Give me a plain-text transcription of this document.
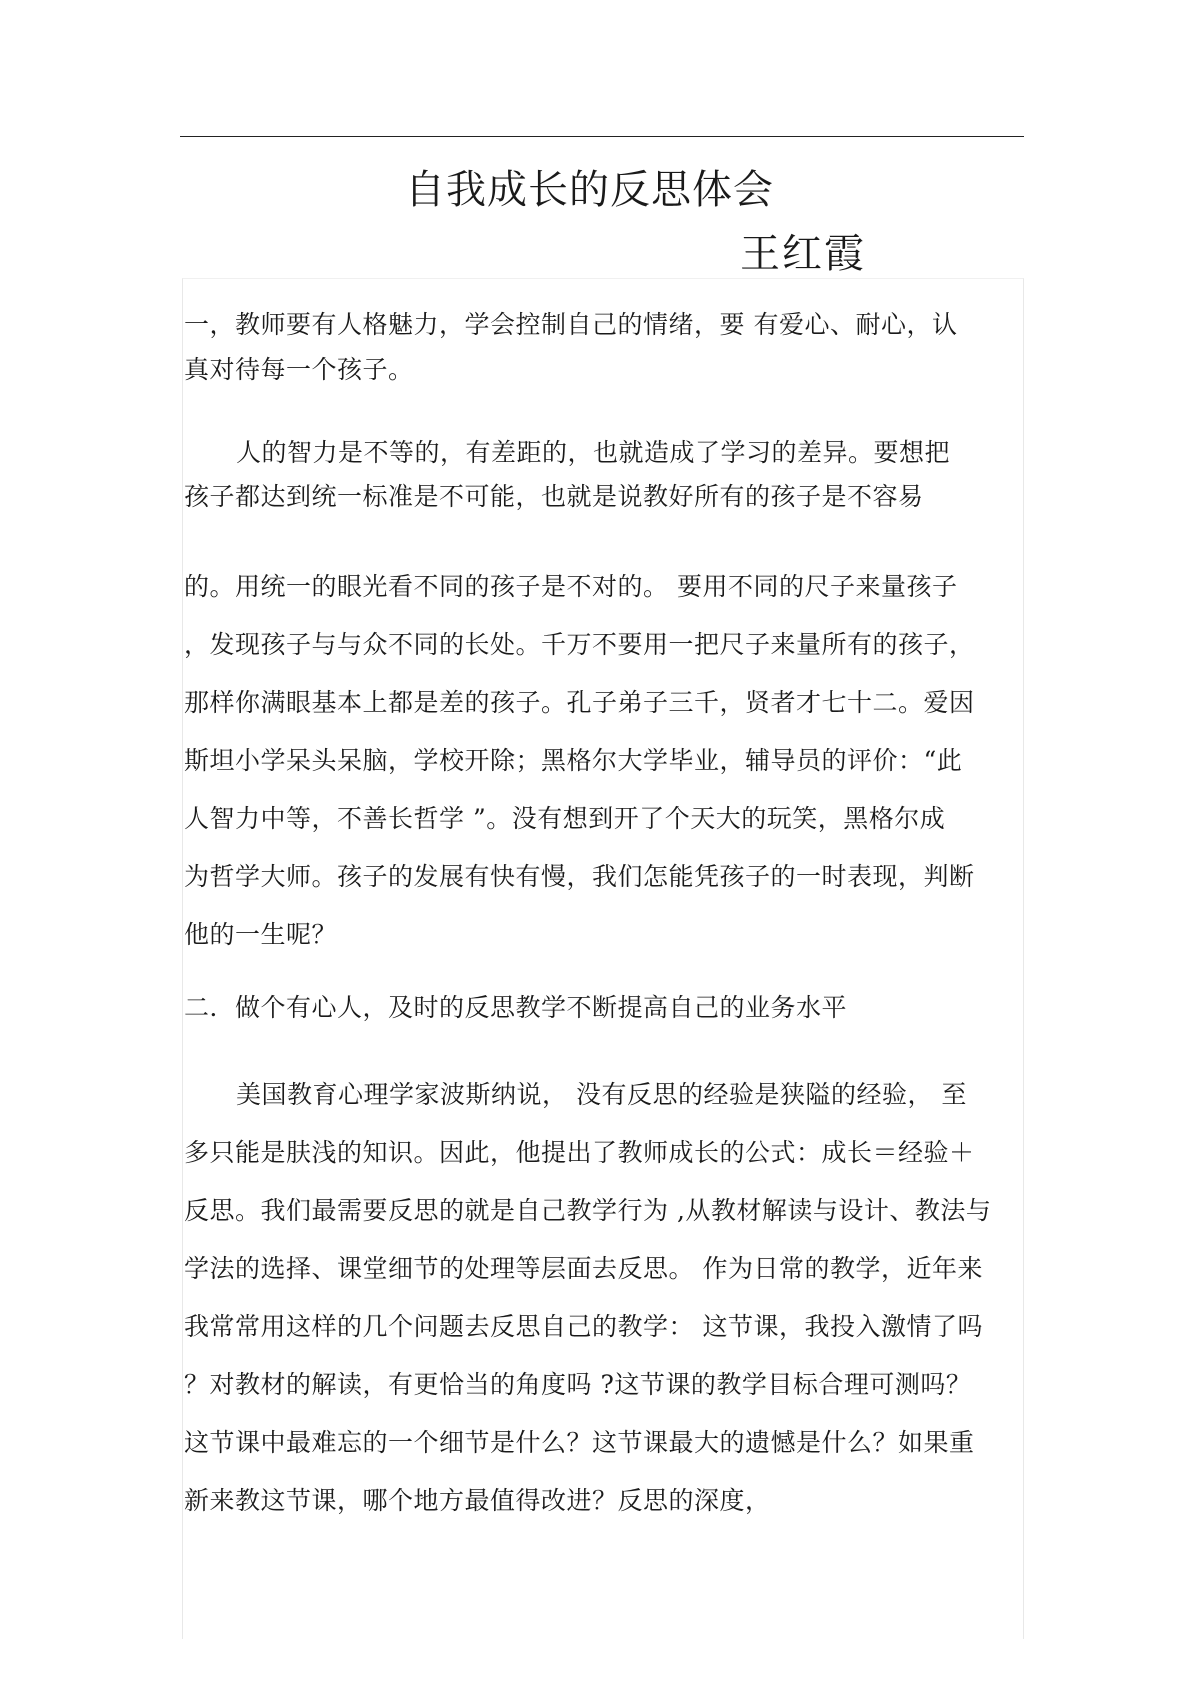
自我成长的反思体会
王红霞
一，教师要有人格魅力，学会控制自己的情绪，要 有爱心、耐心，认
真对待每一个孩子。
人的智力是不等的，有差距的，也就造成了学习的差异。要想把
孩子都达到统一标准是不可能，也就是说教好所有的孩子是不容易
的。用统一的眼光看不同的孩子是不对的。 要用不同的尺子来量孩子
，发现孩子与与众不同的长处。千万不要用一把尺子来量所有的孩子，
那样你满眼基本上都是差的孩子。孔子弟子三千，贤者才七十二。爱因
斯坦小学呆头呆脑，学校开除；黑格尔大学毕业，辅导员的评价：“此
人智力中等，不善长哲学 ”。没有想到开了个天大的玩笑，黑格尔成
为哲学大师。孩子的发展有快有慢，我们怎能凭孩子的一时表现，判断
他的一生呢？
二．做个有心人，及时的反思教学不断提高自己的业务水平
美国教育心理学家波斯纳说， 没有反思的经验是狭隘的经验， 至
多只能是肤浅的知识。因此，他提出了教师成长的公式：成长＝经验＋
反思。我们最需要反思的就是自己教学行为 ,从教材解读与设计、教法与
学法的选择、课堂细节的处理等层面去反思。 作为日常的教学，近年来
我常常用这样的几个问题去反思自己的教学： 这节课，我投入激情了吗
？对教材的解读，有更恰当的角度吗 ?这节课的教学目标合理可测吗？
这节课中最难忘的一个细节是什么？这节课最大的遗憾是什么？如果重
新来教这节课，哪个地方最值得改进？反思的深度，
